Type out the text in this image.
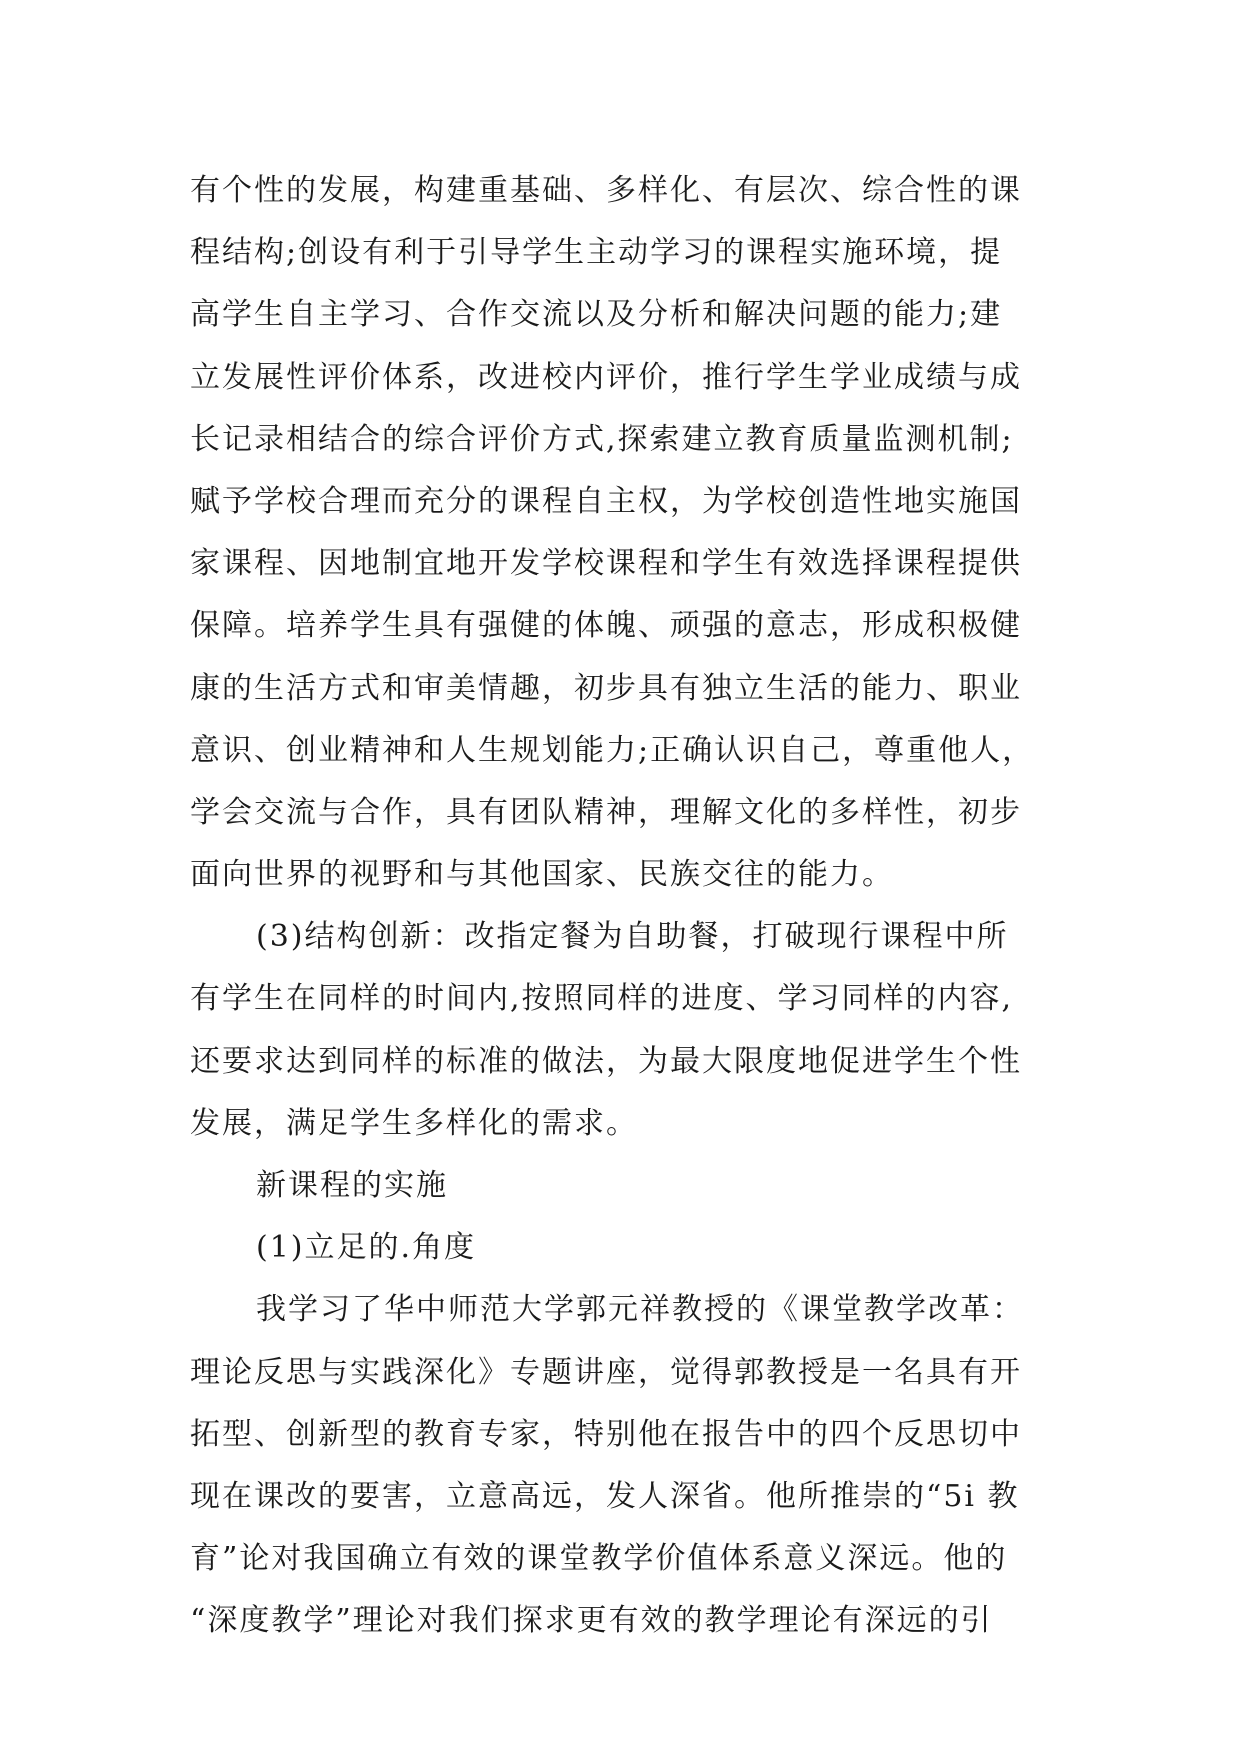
有个性的发展，构建重基础、多样化、有层次、综合性的课
程结构;创设有利于引导学生主动学习的课程实施环境，提
高学生自主学习、合作交流以及分析和解决问题的能力;建
立发展性评价体系，改进校内评价，推行学生学业成绩与成
长记录相结合的综合评价方式,探索建立教育质量监测机制;
赋予学校合理而充分的课程自主权，为学校创造性地实施国
家课程、因地制宜地开发学校课程和学生有效选择课程提供
保障。培养学生具有强健的体魄、顽强的意志，形成积极健
康的生活方式和审美情趣，初步具有独立生活的能力、职业
意识、创业精神和人生规划能力;正确认识自己，尊重他人，
学会交流与合作，具有团队精神，理解文化的多样性，初步
面向世界的视野和与其他国家、民族交往的能力。
(3)结构创新：改指定餐为自助餐，打破现行课程中所
有学生在同样的时间内,按照同样的进度、学习同样的内容,
还要求达到同样的标准的做法，为最大限度地促进学生个性
发展，满足学生多样化的需求。
新课程的实施
(1)立足的.角度
我学习了华中师范大学郭元祥教授的《课堂教学改革：
理论反思与实践深化》专题讲座，觉得郭教授是一名具有开
拓型、创新型的教育专家，特别他在报告中的四个反思切中
现在课改的要害，立意高远，发人深省。他所推崇的“5i 教
育”论对我国确立有效的课堂教学价值体系意义深远。他的
“深度教学”理论对我们探求更有效的教学理论有深远的引
